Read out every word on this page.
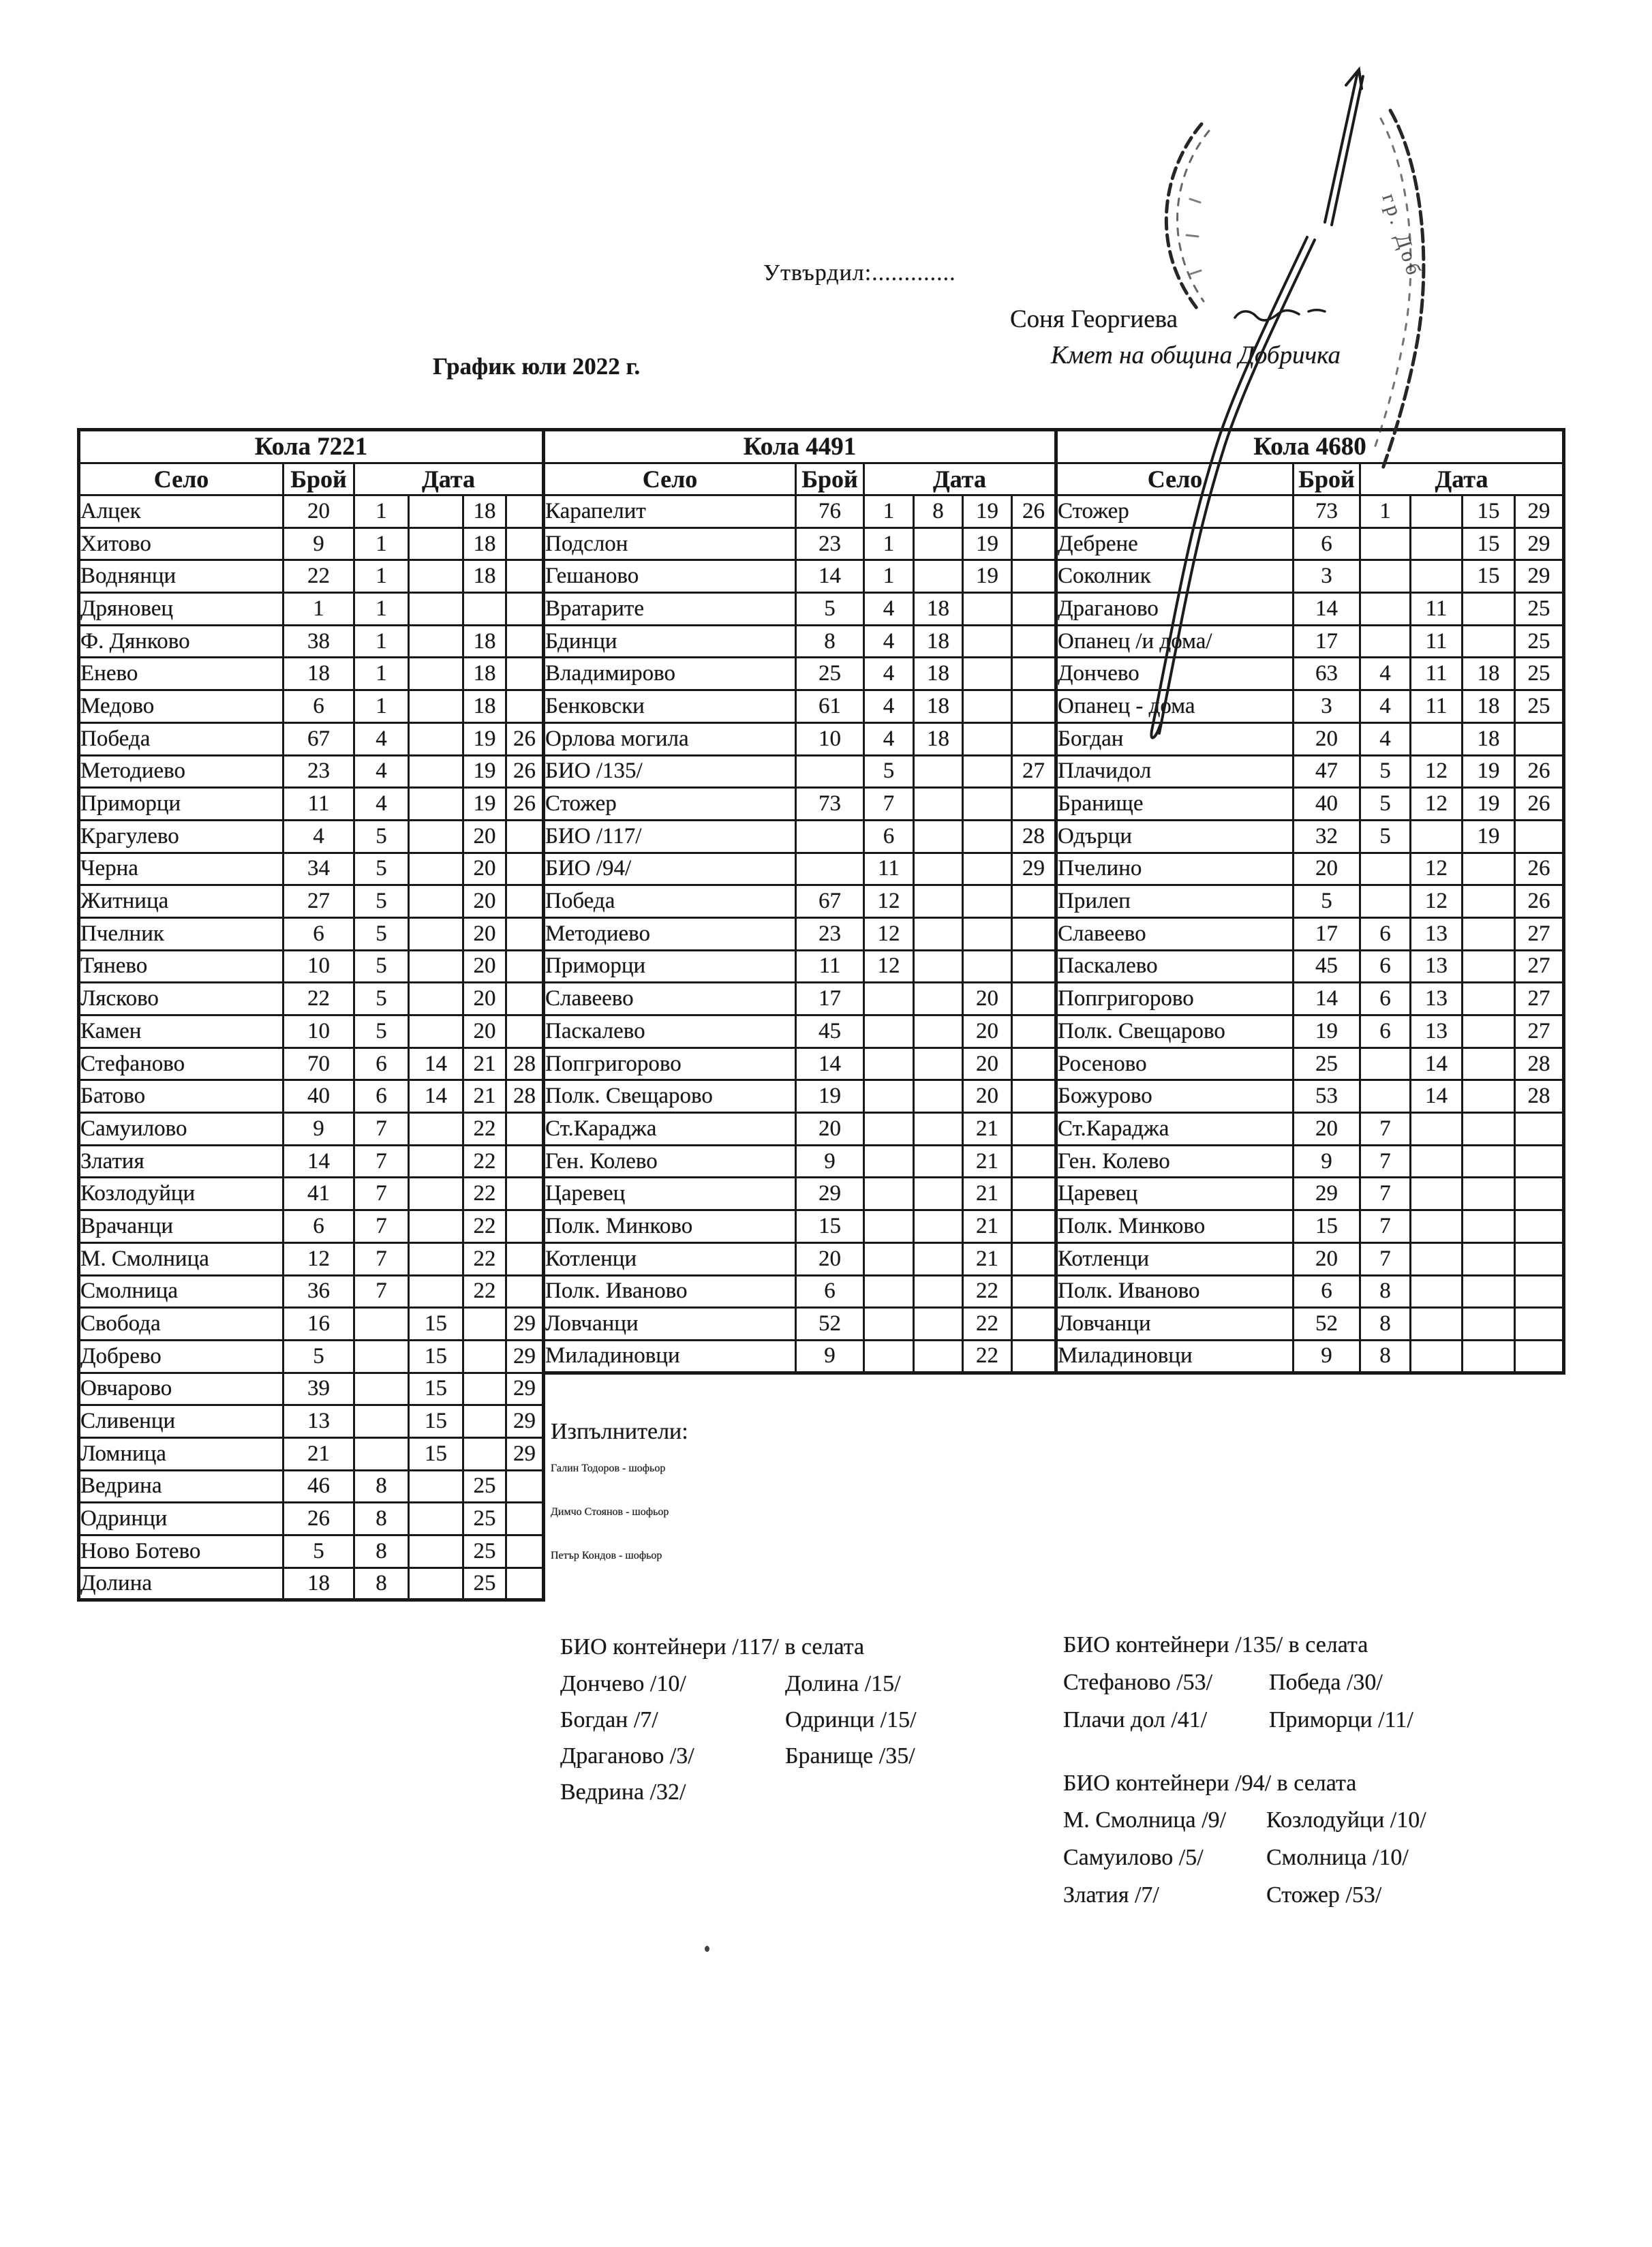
Утвърдил:.............
Соня Георгиева
Кмет на община Добричка
График юли 2022 г.
Кола 7221					
Село	Брой	Дата			
Алцек	20	1		18	
Хитово	9	1		18	
Воднянци	22	1		18	
Дряновец	1	1			
Ф. Дянково	38	1		18	
Енево	18	1		18	
Медово	6	1		18	
Победа	67	4		19	26
Методиево	23	4		19	26
Приморци	11	4		19	26
Крагулево	4	5		20	
Черна	34	5		20	
Житница	27	5		20	
Пчелник	6	5		20	
Тянево	10	5		20	
Лясково	22	5		20	
Камен	10	5		20	
Стефаново	70	6	14	21	28
Батово	40	6	14	21	28
Самуилово	9	7		22	
Златия	14	7		22	
Козлодуйци	41	7		22	
Врачанци	6	7		22	
М. Смолница	12	7		22	
Смолница	36	7		22	
Свобода	16		15		29
Добрево	5		15		29
Овчарово	39		15		29
Сливенци	13		15		29
Ломница	21		15		29
Ведрина	46	8		25	
Одринци	26	8		25	
Ново Ботево	5	8		25	
Долина	18	8		25	
Кола 4491					
Село	Брой	Дата			
Карапелит	76	1	8	19	26
Подслон	23	1		19	
Гешаново	14	1		19	
Вратарите	5	4	18		
Бдинци	8	4	18		
Владимирово	25	4	18		
Бенковски	61	4	18		
Орлова могила	10	4	18		
БИО /135/		5			27
Стожер	73	7			
БИО /117/		6			28
БИО /94/		11			29
Победа	67	12			
Методиево	23	12			
Приморци	11	12			
Славеево	17			20	
Паскалево	45			20	
Попгригорово	14			20	
Полк. Свещарово	19			20	
Ст.Караджа	20			21	
Ген. Колево	9			21	
Царевец	29			21	
Полк. Минково	15			21	
Котленци	20			21	
Полк. Иваново	6			22	
Ловчанци	52			22	
Миладиновци	9			22	
Кола 4680					
Село	Брой	Дата			
Стожер	73	1		15	29
Дебрене	6			15	29
Соколник	3			15	29
Драганово	14		11		25
Опанец /и дома/	17		11		25
Дончево	63	4	11	18	25
Опанец - дома	3	4	11	18	25
Богдан	20	4		18	
Плачидол	47	5	12	19	26
Бранище	40	5	12	19	26
Одърци	32	5		19	
Пчелино	20		12		26
Прилеп	5		12		26
Славеево	17	6	13		27
Паскалево	45	6	13		27
Попгригорово	14	6	13		27
Полк. Свещарово	19	6	13		27
Росеново	25		14		28
Божурово	53		14		28
Ст.Караджа	20	7			
Ген. Колево	9	7			
Царевец	29	7			
Полк. Минково	15	7			
Котленци	20	7			
Полк. Иваново	6	8			
Ловчанци	52	8			
Миладиновци	9	8			
Изпълнители:
Галин Тодоров - шофьор
Димчо Стоянов - шофьор
Петър Кондов - шофьор
БИО контейнери /117/ в селата
Дончево /10/
Богдан /7/
Драганово /3/
Ведрина /32/
Долина /15/
Одринци /15/
Бранище /35/
БИО контейнери /135/ в селата
Стефаново /53/
Плачи дол /41/
Победа /30/
Приморци /11/
БИО контейнери /94/ в селата
М. Смолница /9/
Самуилово /5/
Златия /7/
Козлодуйци /10/
Смолница /10/
Стожер /53/
гр. Доб
